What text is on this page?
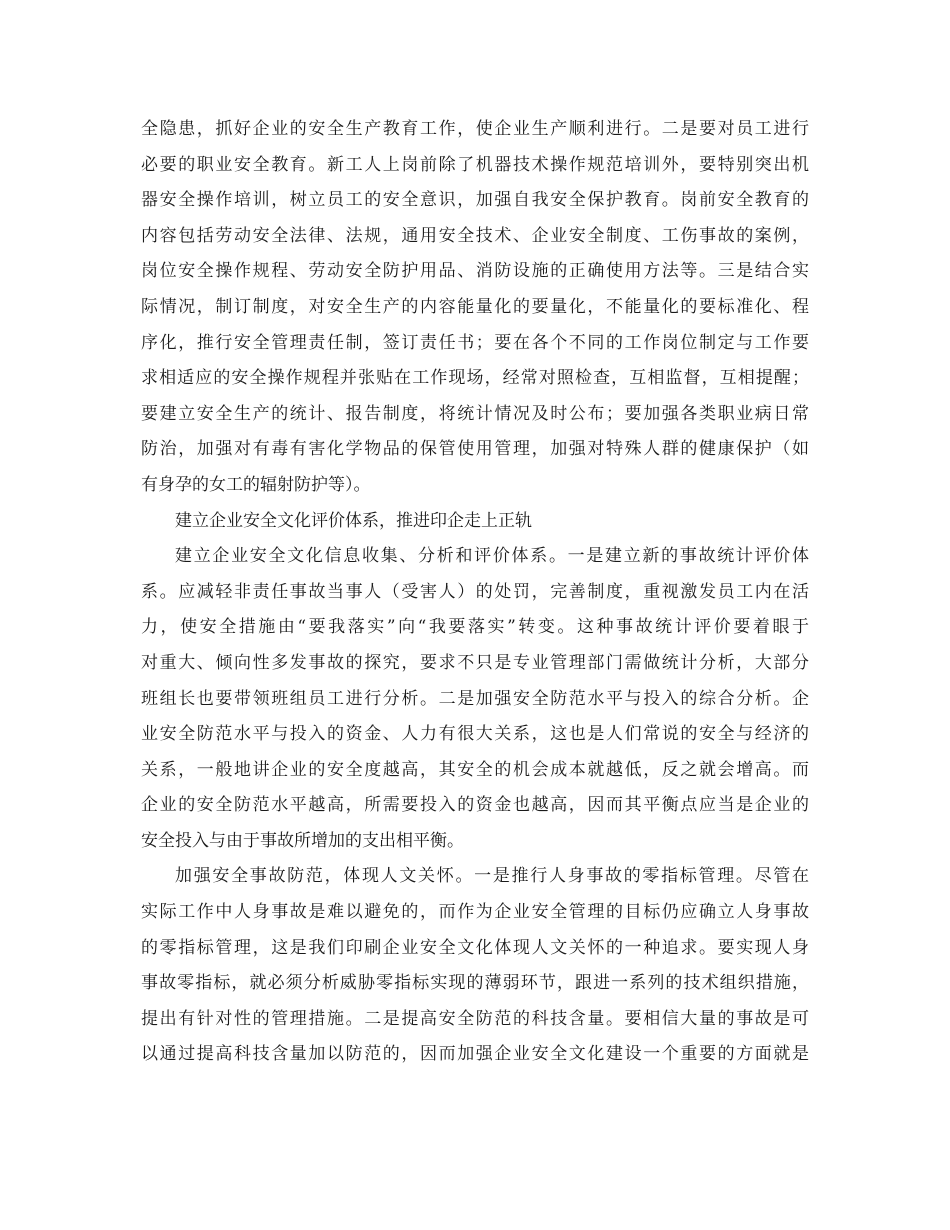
全隐患，抓好企业的安全生产教育工作，使企业生产顺利进行。二是要对员工进行
必要的职业安全教育。新工人上岗前除了机器技术操作规范培训外，要特别突出机
器安全操作培训，树立员工的安全意识，加强自我安全保护教育。岗前安全教育的
内容包括劳动安全法律、法规，通用安全技术、企业安全制度、工伤事故的案例，
岗位安全操作规程、劳动安全防护用品、消防设施的正确使用方法等。三是结合实
际情况，制订制度，对安全生产的内容能量化的要量化，不能量化的要标准化、程
序化，推行安全管理责任制，签订责任书；要在各个不同的工作岗位制定与工作要
求相适应的安全操作规程并张贴在工作现场，经常对照检查，互相监督，互相提醒；
要建立安全生产的统计、报告制度，将统计情况及时公布；要加强各类职业病日常
防治，加强对有毒有害化学物品的保管使用管理，加强对特殊人群的健康保护（如
有身孕的女工的辐射防护等）。
建立企业安全文化评价体系，推进印企走上正轨
建立企业安全文化信息收集、分析和评价体系。一是建立新的事故统计评价体
系。应减轻非责任事故当事人（受害人）的处罚，完善制度，重视激发员工内在活
力，使安全措施由“要我落实”向“我要落实”转变。这种事故统计评价要着眼于
对重大、倾向性多发事故的探究，要求不只是专业管理部门需做统计分析，大部分
班组长也要带领班组员工进行分析。二是加强安全防范水平与投入的综合分析。企
业安全防范水平与投入的资金、人力有很大关系，这也是人们常说的安全与经济的
关系，一般地讲企业的安全度越高，其安全的机会成本就越低，反之就会增高。而
企业的安全防范水平越高，所需要投入的资金也越高，因而其平衡点应当是企业的
安全投入与由于事故所增加的支出相平衡。
加强安全事故防范，体现人文关怀。一是推行人身事故的零指标管理。尽管在
实际工作中人身事故是难以避免的，而作为企业安全管理的目标仍应确立人身事故
的零指标管理，这是我们印刷企业安全文化体现人文关怀的一种追求。要实现人身
事故零指标，就必须分析威胁零指标实现的薄弱环节，跟进一系列的技术组织措施，
提出有针对性的管理措施。二是提高安全防范的科技含量。要相信大量的事故是可
以通过提高科技含量加以防范的，因而加强企业安全文化建设一个重要的方面就是
